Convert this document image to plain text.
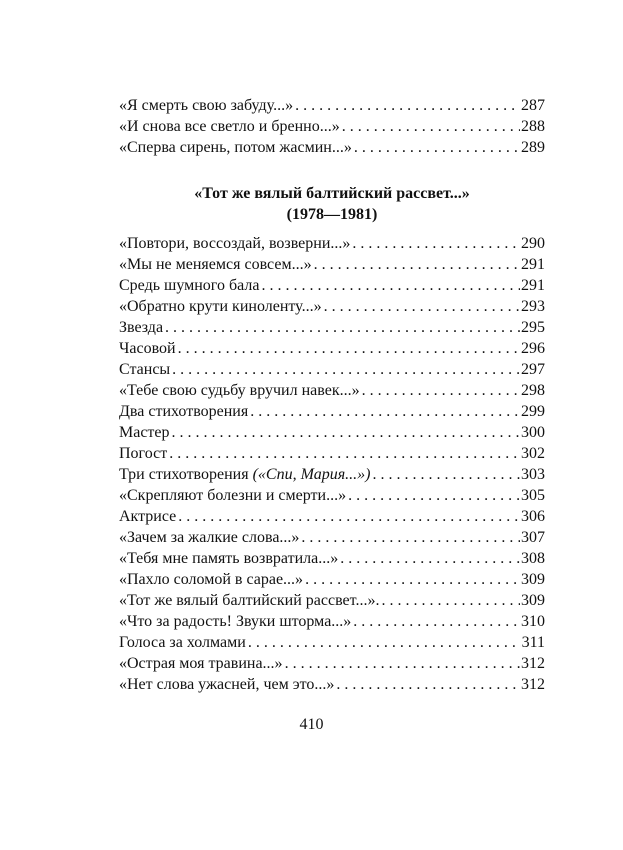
«Я смерть свою забуду...» . . .	287
«И снова все светло и бренно...» . . .	288
«Сперва сирень, потом жасмин...» . . .	289
«Тот же вялый балтийский рассвет...»
(1978—1981)
«Повтори, воссоздай, возверни...» . . .	290
«Мы не меняемся совсем...» . . .	291
Средь шумного бала . . .	291
«Обратно крути киноленту...» . . .	293
Звезда . . .	295
Часовой . . .	296
Стансы . . .	297
«Тебе свою судьбу вручил навек...» . . .	298
Два стихотворения . . .	299
Мастер . . .	300
Погост . . .	302
Три стихотворения («Спи, Мария...») . . .	303
«Скрепляют болезни и смерти...» . . .	305
Актрисе . . .	306
«Зачем за жалкие слова...» . . .	307
«Тебя мне память возвратила...» . . .	308
«Пахло соломой в сарае...» . . .	309
«Тот же вялый балтийский рассвет...». . . .	309
«Что за радость! Звуки шторма...» . . .	310
Голоса за холмами . . .	311
«Острая моя травина...» . . .	312
«Нет слова ужасней, чем это...» . . .	312
410
